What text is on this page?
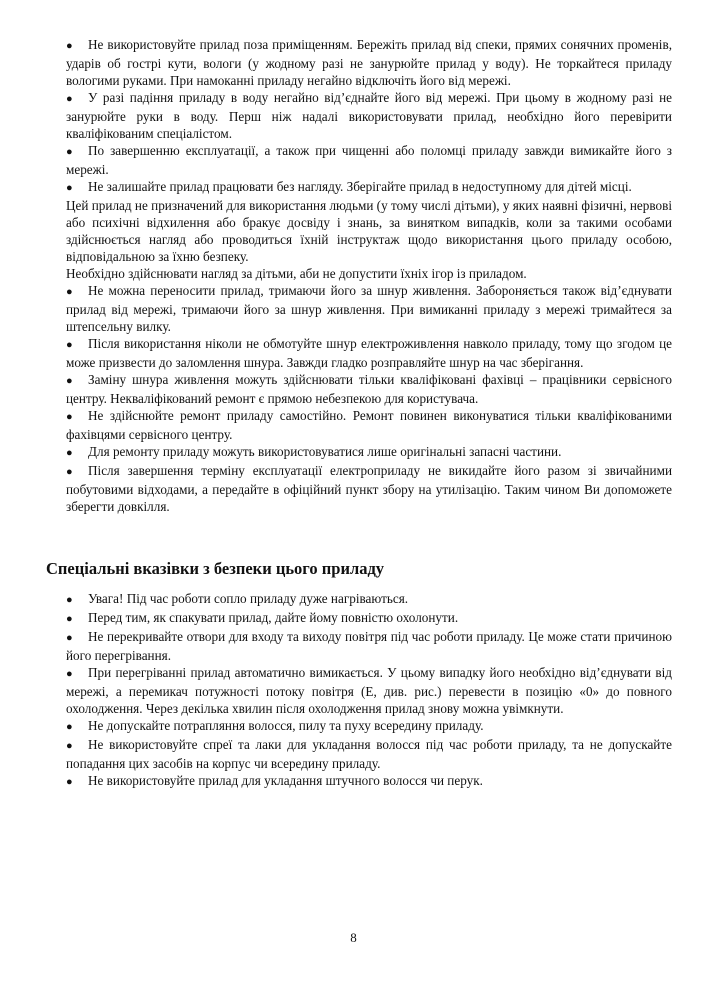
● Не використовуйте прилад поза приміщенням. Бережіть прилад від спеки, прямих сонячних променів, ударів об гострі кути, вологи (у жодному разі не занурюйте прилад у воду). Не торкайтеся приладу вологими руками. При намоканні приладу негайно відключіть його від мережі.

● У разі падіння приладу в воду негайно від’єднайте його від мережі. При цьому в жодному разі не занурюйте руки в воду. Перш ніж надалі використовувати прилад, необхідно його перевірити кваліфікованим спеціалістом.

● По завершенню експлуатації, а також при чищенні або поломці приладу завжди вимикайте його з мережі.

● Не залишайте прилад працювати без нагляду. Зберігайте прилад в недоступному для дітей місці.

Цей прилад не призначений для використання людьми (у тому числі дітьми), у яких наявні фізичні, нервові або психічні відхилення або бракує досвіду і знань, за винятком випадків, коли за такими особами здійснюється нагляд або проводиться їхній інструктаж щодо використання цього приладу особою, відповідальною за їхню безпеку.

Необхідно здійснювати нагляд за дітьми, аби не допустити їхніх ігор із приладом.

● Не можна переносити прилад, тримаючи його за шнур живлення. Забороняється також від’єднувати прилад від мережі, тримаючи його за шнур живлення. При вимиканні приладу з мережі тримайтеся за штепсельну вилку.

● Після використання ніколи не обмотуйте шнур електроживлення навколо приладу, тому що згодом це може призвести до заломлення шнура. Завжди гладко розправляйте шнур на час зберігання.

● Заміну шнура живлення можуть здійснювати тільки кваліфіковані фахівці – працівники сервісного центру. Некваліфікований ремонт є прямою небезпекою для користувача.

● Не здійснюйте ремонт приладу самостійно. Ремонт повинен виконуватися тільки кваліфікованими фахівцями сервісного центру.

● Для ремонту приладу можуть використовуватися лише оригінальні запасні частини.

● Після завершення терміну експлуатації електроприладу не викидайте його разом зі звичайними побутовими відходами, а передайте в офіційний пункт збору на утилізацію. Таким чином Ви допоможете зберегти довкілля.

Спеціальні вказівки з безпеки цього приладу

● Увага! Під час роботи сопло приладу дуже нагріваються.

● Перед тим, як спакувати прилад, дайте йому повністю охолонути.

● Не перекривайте отвори для входу та виходу повітря під час роботи приладу. Це може стати причиною його перегрівання.

● При перегріванні прилад автоматично вимикається. У цьому випадку його необхідно від’єднувати від мережі, а перемикач потужності потоку повітря (E, див. рис.) перевести в позицію «0» до повного охолодження. Через декілька хвилин після охолодження прилад знову можна увімкнути.

● Не допускайте потрапляння волосся, пилу та пуху всередину приладу.

● Не використовуйте спреї та лаки для укладання волосся під час роботи приладу, та не допускайте попадання цих засобів на корпус чи всередину приладу.

● Не використовуйте прилад для укладання штучного волосся чи перук.

8
